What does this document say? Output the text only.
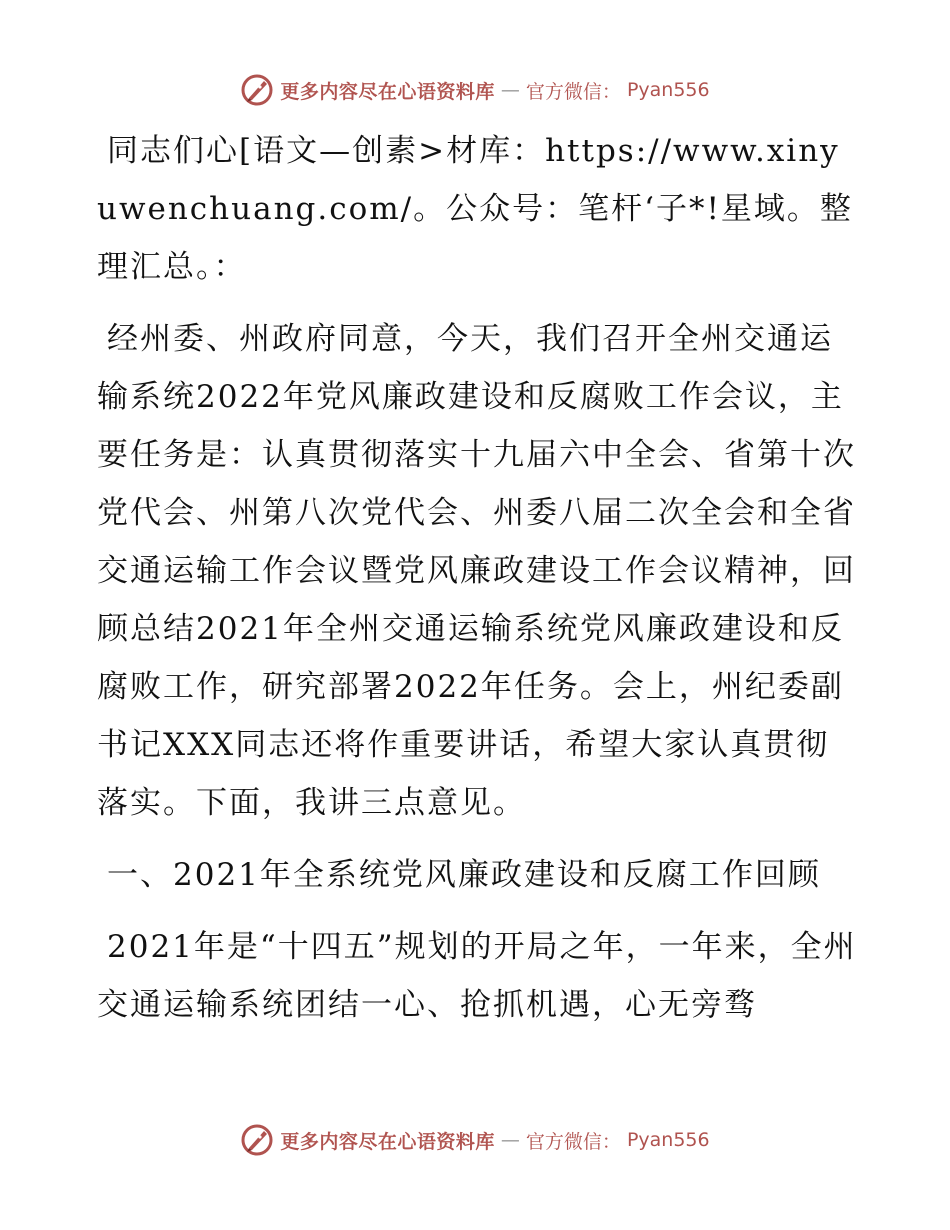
更多内容尽在心语资料库 — 官方微信： Pyan556

同志们心[语文—创素>材库：https://www.xinyuwenchuang.com/。公众号：笔杆‘子*!星域。整理汇总。：

经州委、州政府同意，今天，我们召开全州交通运输系统2022年党风廉政建设和反腐败工作会议，主要任务是：认真贯彻落实十九届六中全会、省第十次党代会、州第八次党代会、州委八届二次全会和全省交通运输工作会议暨党风廉政建设工作会议精神，回顾总结2021年全州交通运输系统党风廉政建设和反腐败工作，研究部署2022年任务。会上，州纪委副书记XXX同志还将作重要讲话，希望大家认真贯彻落实。下面，我讲三点意见。

一、2021年全系统党风廉政建设和反腐工作回顾

2021年是“十四五”规划的开局之年，一年来，全州交通运输系统团结一心、抢抓机遇，心无旁骛

更多内容尽在心语资料库 — 官方微信： Pyan556
